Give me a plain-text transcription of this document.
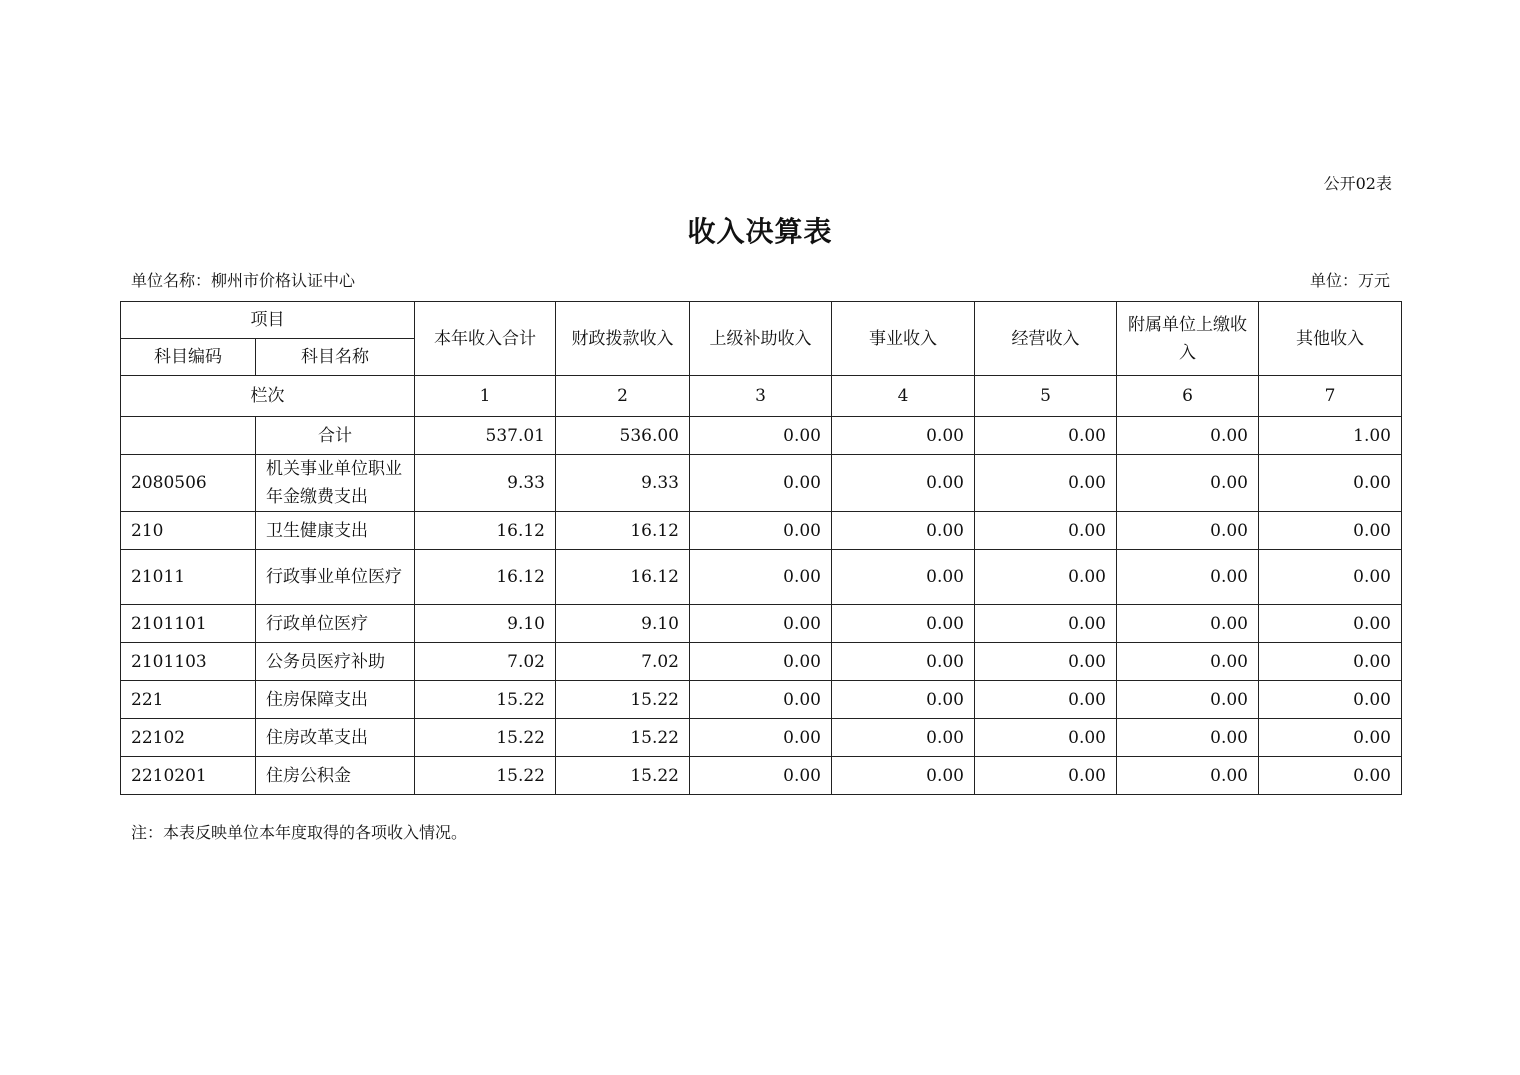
公开02表
收入决算表
单位名称：柳州市价格认证中心	单位：万元
项目		本年收入合计	财政拨款收入	上级补助收入	事业收入	经营收入	附属单位上缴收入	其他收入
科目编码	科目名称							
栏次		1	2	3	4	5	6	7
	合计	537.01	536.00	0.00	0.00	0.00	0.00	1.00
2080506	机关事业单位职业年金缴费支出	9.33	9.33	0.00	0.00	0.00	0.00	0.00
210	卫生健康支出	16.12	16.12	0.00	0.00	0.00	0.00	0.00
21011	行政事业单位医疗	16.12	16.12	0.00	0.00	0.00	0.00	0.00
2101101	行政单位医疗	9.10	9.10	0.00	0.00	0.00	0.00	0.00
2101103	公务员医疗补助	7.02	7.02	0.00	0.00	0.00	0.00	0.00
221	住房保障支出	15.22	15.22	0.00	0.00	0.00	0.00	0.00
22102	住房改革支出	15.22	15.22	0.00	0.00	0.00	0.00	0.00
2210201	住房公积金	15.22	15.22	0.00	0.00	0.00	0.00	0.00
注：本表反映单位本年度取得的各项收入情况。
